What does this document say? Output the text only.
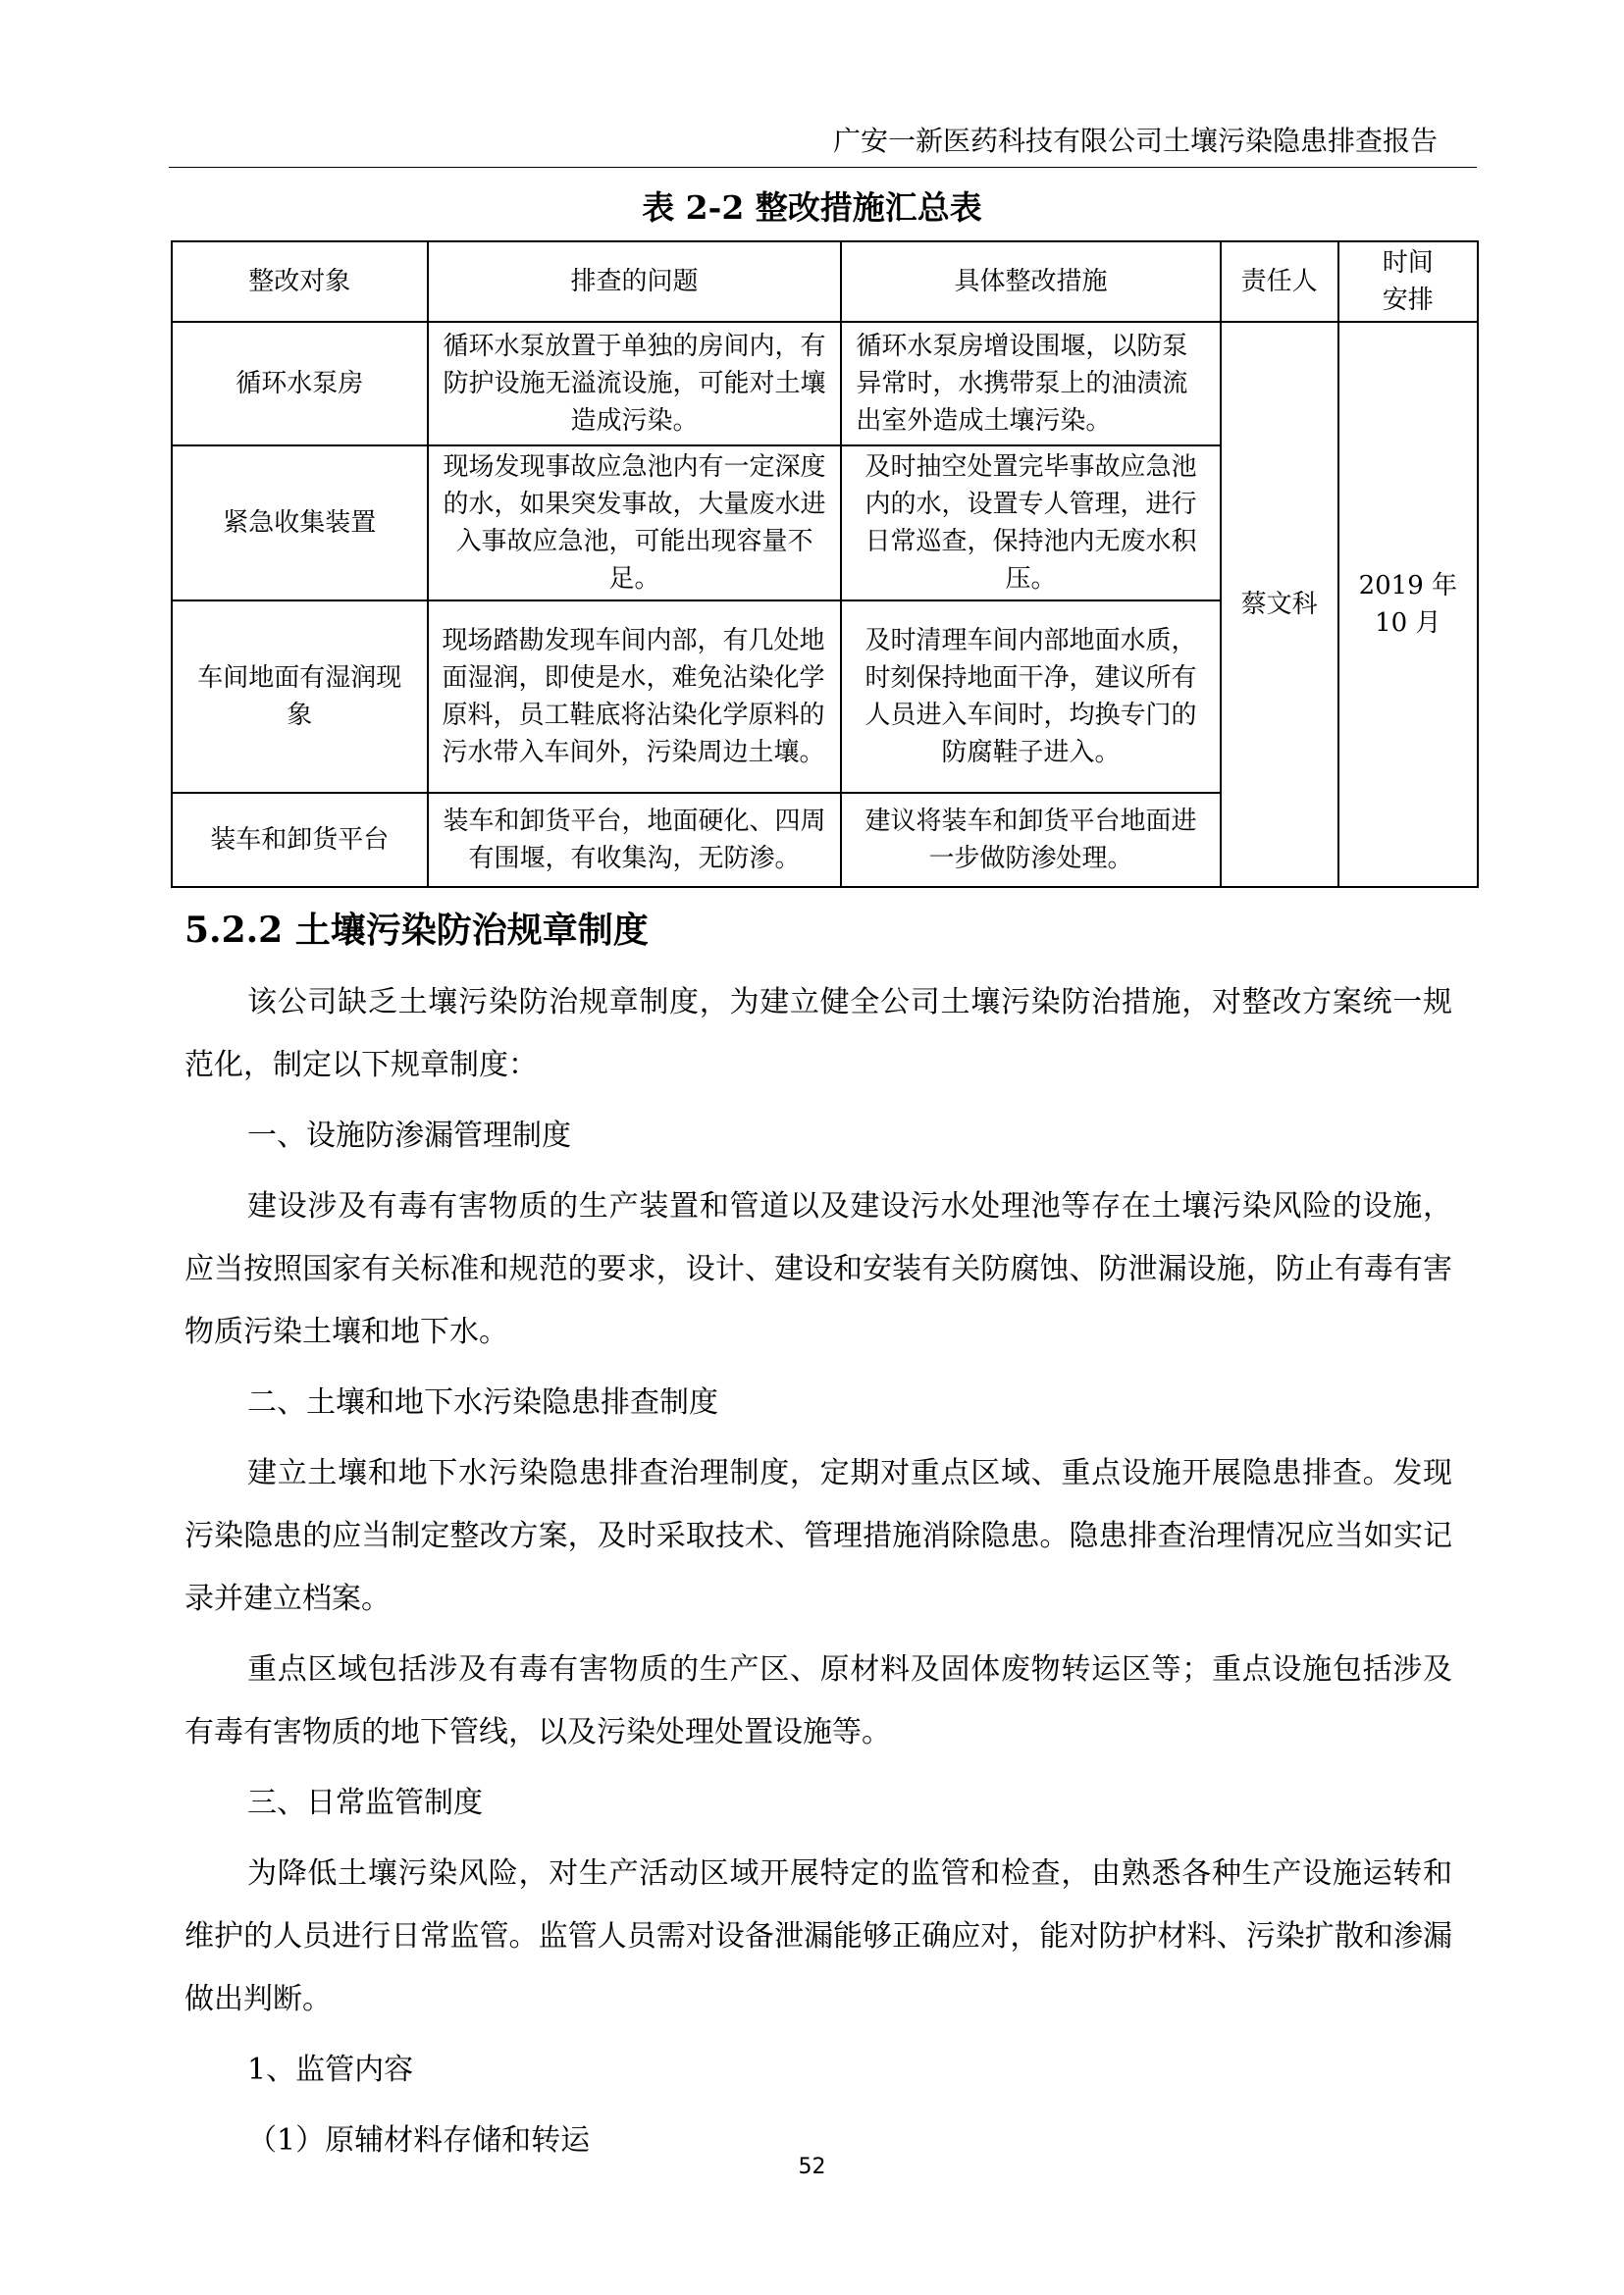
广安一新医药科技有限公司土壤污染隐患排查报告
表 2-2 整改措施汇总表
整改对象	排查的问题	具体整改措施	责任人	时间
安排
循环水泵房	循环水泵放置于单独的房间内，有防护设施无溢流设施，可能对土壤造成污染。	循环水泵房增设围堰，以防泵异常时，水携带泵上的油渍流出室外造成土壤污染。	蔡文科	2019 年
10 月
紧急收集装置	现场发现事故应急池内有一定深度的水，如果突发事故，大量废水进入事故应急池，可能出现容量不足。	及时抽空处置完毕事故应急池内的水，设置专人管理，进行日常巡查，保持池内无废水积压。		
车间地面有湿润现象	现场踏勘发现车间内部，有几处地面湿润，即使是水，难免沾染化学原料，员工鞋底将沾染化学原料的污水带入车间外，污染周边土壤。	及时清理车间内部地面水质，时刻保持地面干净，建议所有人员进入车间时，均换专门的防腐鞋子进入。		
装车和卸货平台	装车和卸货平台，地面硬化、四周有围堰，有收集沟，无防渗。	建议将装车和卸货平台地面进一步做防渗处理。		
5.2.2 土壤污染防治规章制度

该公司缺乏土壤污染防治规章制度，为建立健全公司土壤污染防治措施，对整改方案统一规范化，制定以下规章制度：

一、设施防渗漏管理制度

建设涉及有毒有害物质的生产装置和管道以及建设污水处理池等存在土壤污染风险的设施，应当按照国家有关标准和规范的要求，设计、建设和安装有关防腐蚀、防泄漏设施，防止有毒有害物质污染土壤和地下水。

二、土壤和地下水污染隐患排查制度

建立土壤和地下水污染隐患排查治理制度，定期对重点区域、重点设施开展隐患排查。发现污染隐患的应当制定整改方案，及时采取技术、管理措施消除隐患。隐患排查治理情况应当如实记录并建立档案。

重点区域包括涉及有毒有害物质的生产区、原材料及固体废物转运区等；重点设施包括涉及有毒有害物质的地下管线，以及污染处理处置设施等。

三、日常监管制度

为降低土壤污染风险，对生产活动区域开展特定的监管和检查，由熟悉各种生产设施运转和维护的人员进行日常监管。监管人员需对设备泄漏能够正确应对，能对防护材料、污染扩散和渗漏做出判断。

1、监管内容

（1）原辅材料存储和转运

52
